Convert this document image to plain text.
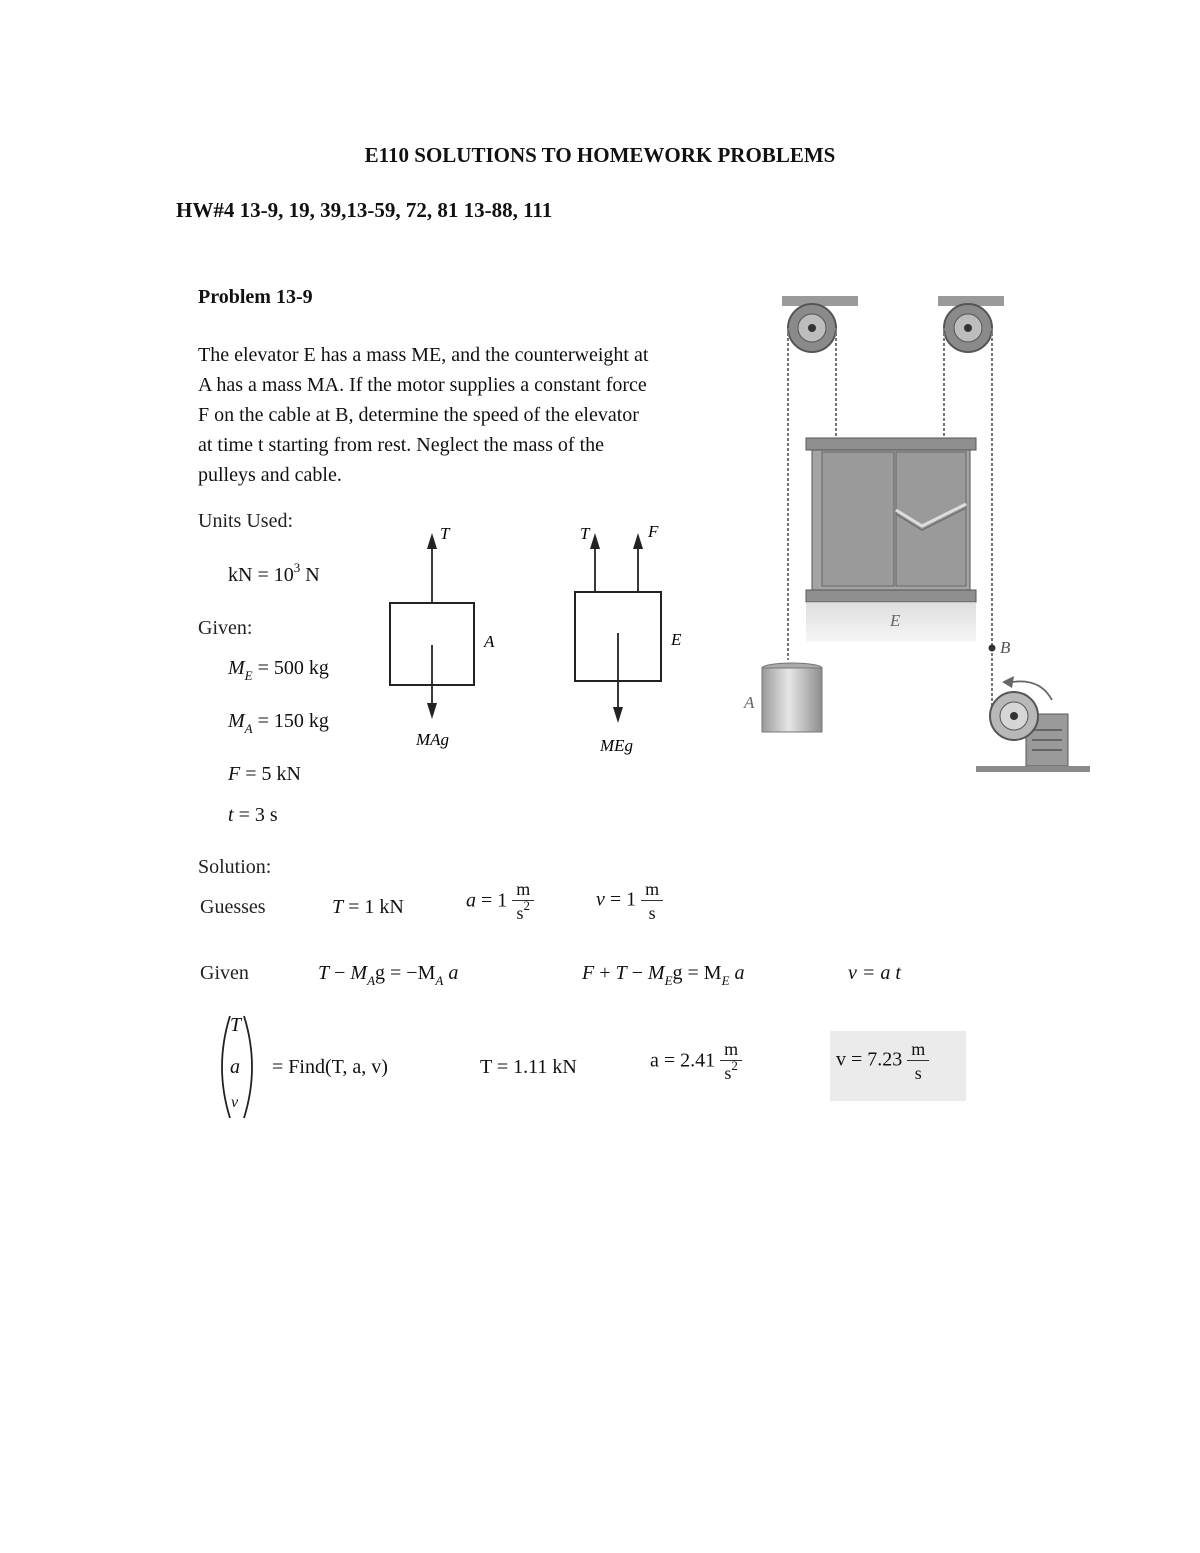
E110 SOLUTIONS TO HOMEWORK PROBLEMS
HW#4 13-9, 19, 39,13-59, 72, 81 13-88, 111
Problem 13-9
The elevator E has a mass ME, and the counterweight at
A has a mass MA. If the motor supplies a constant force
F on the cable at B, determine the speed of the elevator
at time t starting from rest. Neglect the mass of the
pulleys and cable.
Units Used:
kN = $10^3$ N
Given:
$M_E = 500$ kg
$M_A = 150$ kg
F = 5 kN
t = 3 s
T
A
MAg
T	F
E
MEg
E
A
B
Solution:
Guesses	T = 1 kN	$a = 1 \frac{m}{s^2}$	$v = 1 \frac{m}{s}$
Given	$T - M_Ag = -M_A$ a	$F + T - M_Eg = M_E$ a	v = a t
T
a
v
= Find(T, a, v)	T = 1.11 kN	$a = 2.41 \frac{m}{s^2}$	$v = 7.23 \frac{m}{s}$
